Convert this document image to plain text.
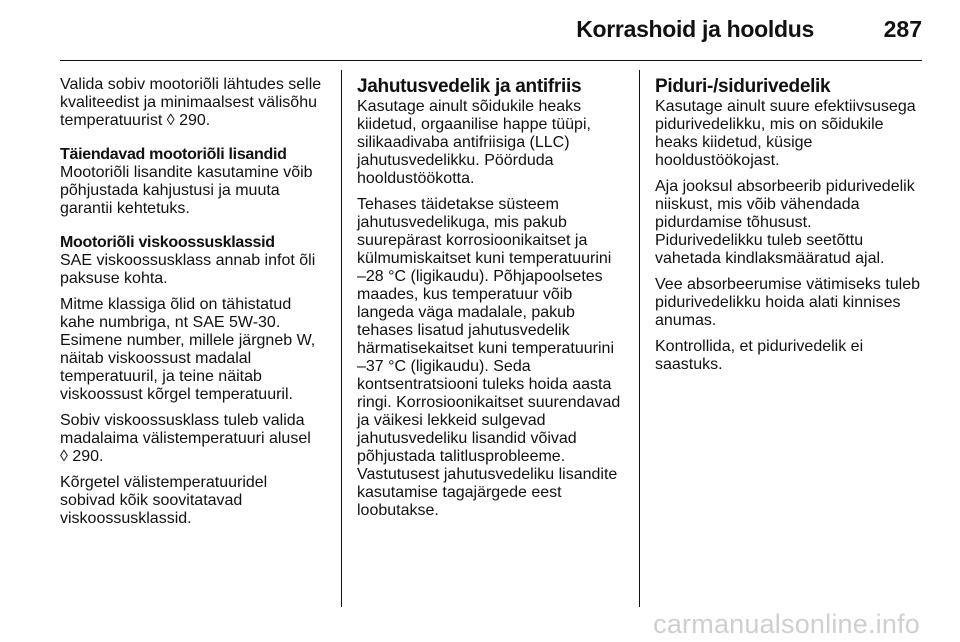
Korrashoid ja hooldus	287

Valida sobiv mootoriõli lähtudes selle
kvaliteedist ja minimaalsest välisõhu
temperatuurist ◊ 290.

Täiendavad mootoriõli lisandid

Mootoriõli lisandite kasutamine võib
põhjustada kahjustusi ja muuta
garantii kehtetuks.

Mootoriõli viskoossusklassid

SAE viskoossusklass annab infot õli
paksuse kohta.

Mitme klassiga õlid on tähistatud
kahe numbriga, nt SAE 5W-30.
Esimene number, millele järgneb W,
näitab viskoossust madalal
temperatuuril, ja teine näitab
viskoossust kõrgel temperatuuril.

Sobiv viskoossusklass tuleb valida
madalaima välistemperatuuri alusel
◊ 290.

Kõrgetel välistemperatuuridel
sobivad kõik soovitatavad
viskoossusklassid.

Jahutusvedelik ja antifriis

Kasutage ainult sõidukile heaks
kiidetud, orgaanilise happe tüüpi,
silikaadivaba antifriisiga (LLC)
jahutusvedelikku. Pöörduda
hooldustöökotta.

Tehases täidetakse süsteem
jahutusvedelikuga, mis pakub
suurepärast korrosioonikaitset ja
külmumiskaitset kuni temperatuurini
–28 °C (ligikaudu). Põhjapoolsetes
maades, kus temperatuur võib
langeda väga madalale, pakub
tehases lisatud jahutusvedelik
härmatisekaitset kuni temperatuurini
–37 °C (ligikaudu). Seda
kontsentratsiooni tuleks hoida aasta
ringi. Korrosioonikaitset suurendavad
ja väikesi lekkeid sulgevad
jahutusvedeliku lisandid võivad
põhjustada talitlusprobleeme.
Vastutusest jahutusvedeliku lisandite
kasutamise tagajärgede eest
loobutakse.

Piduri-/sidurivedelik

Kasutage ainult suure efektiivsusega
pidurivedelikku, mis on sõidukile
heaks kiidetud, küsige
hooldustöökojast.

Aja jooksul absorbeerib pidurivedelik
niiskust, mis võib vähendada
pidurdamise tõhusust.
Pidurivedelikku tuleb seetõttu
vahetada kindlaksmääratud ajal.

Vee absorbeerumise vätimiseks tuleb
pidurivedelikku hoida alati kinnises
anumas.

Kontrollida, et pidurivedelik ei
saastuks.

carmanualsonline.info
